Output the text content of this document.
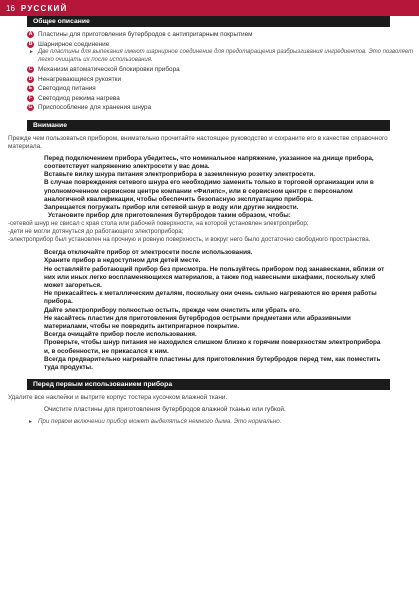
16 РУССКИЙ
Общее описание
A Пластины для приготовления бутербродов с антипригарным покрытием
B Шарнирное соединение
► Две пластины для выпекания имеют шарнирное соединение для предотвращения разбрызгивания ингредиентов. Это позволяет легко очищать их после использования.
C Механизм автоматической блокировки прибора
D Ненагревающиеся рукоятки
E Светодиод питания
F Светодиод режима нагрева
G Приспособление для хранения шнура
Внимание

Прежде чем пользоваться прибором, внимательно прочитайте настоящее руководство и сохраните его в качестве справочного материала.

Перед подключением прибора убедитесь, что номинальное напряжение, указанное на днище прибора, соответствует напряжению электросети у вас дома.

Вставьте вилку шнура питания электроприбора в заземленную розетку электросети.

В случае повреждения сетевого шнура его необходимо заменить только в торговой организации или в уполномоченном сервисном центре компании «Филипс», или в сервисном центре с персоналом аналогичной квалификации, чтобы обеспечить безопасную эксплуатацию прибора.

Запрещается погружать прибор или сетевой шнур в воду или другие жидкости.

Установите прибор для приготовления бутербродов таким образом, чтобы:

-сетевой шнур не свисал с края стола или рабочей поверхности, на которой установлен электроприбор;

-дети не могли дотянуться до работающего электроприбора;

-электроприбор был установлен на прочную и ровную поверхность, и вокруг него было достаточно свободного пространства.

Всегда отключайте прибор от электросети после использования.

Храните прибор в недоступном для детей месте.

Не оставляйте работающий прибор без присмотра. Не пользуйтесь прибором под занавесками, вблизи от них или иных легко воспламеняющихся материалов, а также под навесными шкафами, поскольку хлеб может загореться.

Не прикасайтесь к металлическим деталям, поскольку они очень сильно нагреваются во время работы прибора.

Дайте электроприбору полностью остыть, прежде чем очистить или убрать его.

Не касайтесь пластин для приготовления бутербродов острыми предметами или абразивными материалами, чтобы не повредить антипригарное покрытие.

Всегда очищайте прибор после использования.

Проверьте, чтобы шнур питания не находился слишком близко к горячим поверхностям электроприбора и, в особенности, не прикасался к ним.

Всегда предварительно нагревайте пластины для приготовления бутербродов перед тем, как поместить туда продукты.

Перед первым использованием прибора

Удалите все наклейки и вытрите корпус тостера кусочком влажной ткани.

Очистите пластины для приготовления бутербродов влажной тканью или губкой.

► При первом включении прибор может выделяться немного дыма. Это нормально.
